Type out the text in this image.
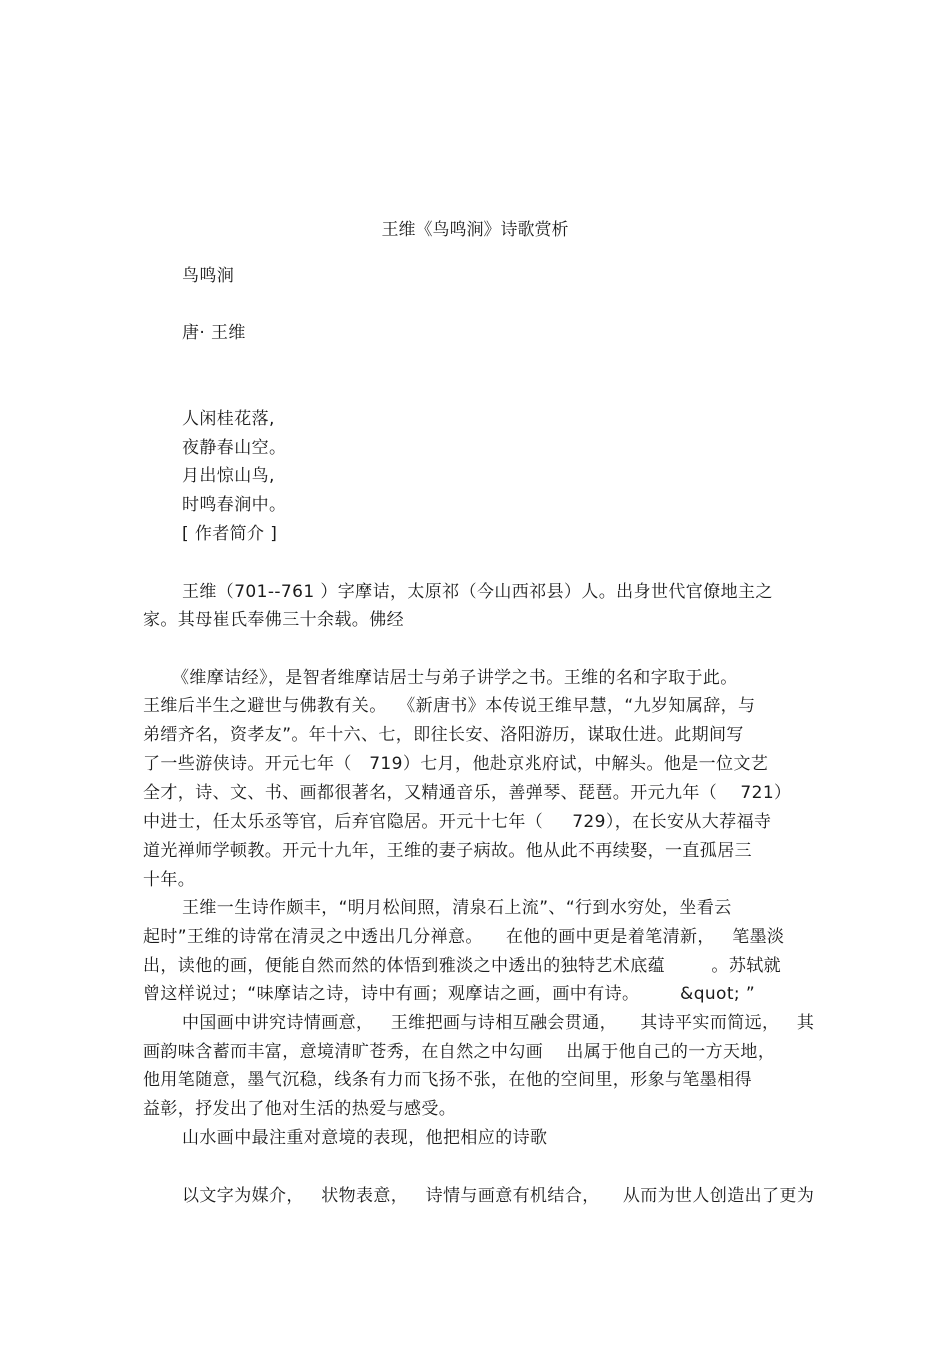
王维《鸟鸣涧》诗歌赏析
鸟鸣涧
唐· 王维
人闲桂花落,
夜静春山空。
月出惊山鸟,
时鸣春涧中。
[ 作者简介 ]
王维（701--761 ）字摩诘，太原祁（今山西祁县）人。出身世代官僚地主之
家。其母崔氏奉佛三十余载。佛经
《维摩诘经》，是智者维摩诘居士与弟子讲学之书。王维的名和字取于此。
王维后半生之避世与佛教有关。  《新唐书》本传说王维早慧，“九岁知属辞，与
弟缙齐名，资孝友”。年十六、七，即往长安、洛阳游历，谋取仕进。此期间写
了一些游侠诗。开元七年（   719）七月，他赴京兆府试，中解头。他是一位文艺
全才，诗、文、书、画都很著名，又精通音乐，善弹琴、琵琶。开元九年（    721）
中进士，任太乐丞等官，后弃官隐居。开元十七年（     729），在长安从大荐福寺
道光禅师学顿教。开元十九年，王维的妻子病故。他从此不再续娶，一直孤居三
十年。
王维一生诗作颇丰，“明月松间照，清泉石上流”、“行到水穷处，坐看云
起时”王维的诗常在清灵之中透出几分禅意。    在他的画中更是着笔清新，   笔墨淡
出，读他的画，便能自然而然的体悟到雅淡之中透出的独特艺术底蕴        。苏轼就
曾这样说过；“味摩诘之诗，诗中有画；观摩诘之画，画中有诗。       &quot; ”
中国画中讲究诗情画意，   王维把画与诗相互融会贯通，    其诗平实而简远，   其
画韵味含蓄而丰富，意境清旷苍秀，在自然之中勾画    出属于他自己的一方天地，
他用笔随意，墨气沉稳，线条有力而飞扬不张，在他的空间里，形象与笔墨相得
益彰，抒发出了他对生活的热爱与感受。
山水画中最注重对意境的表现，他把相应的诗歌
以文字为媒介，   状物表意，   诗情与画意有机结合，    从而为世人创造出了更为
